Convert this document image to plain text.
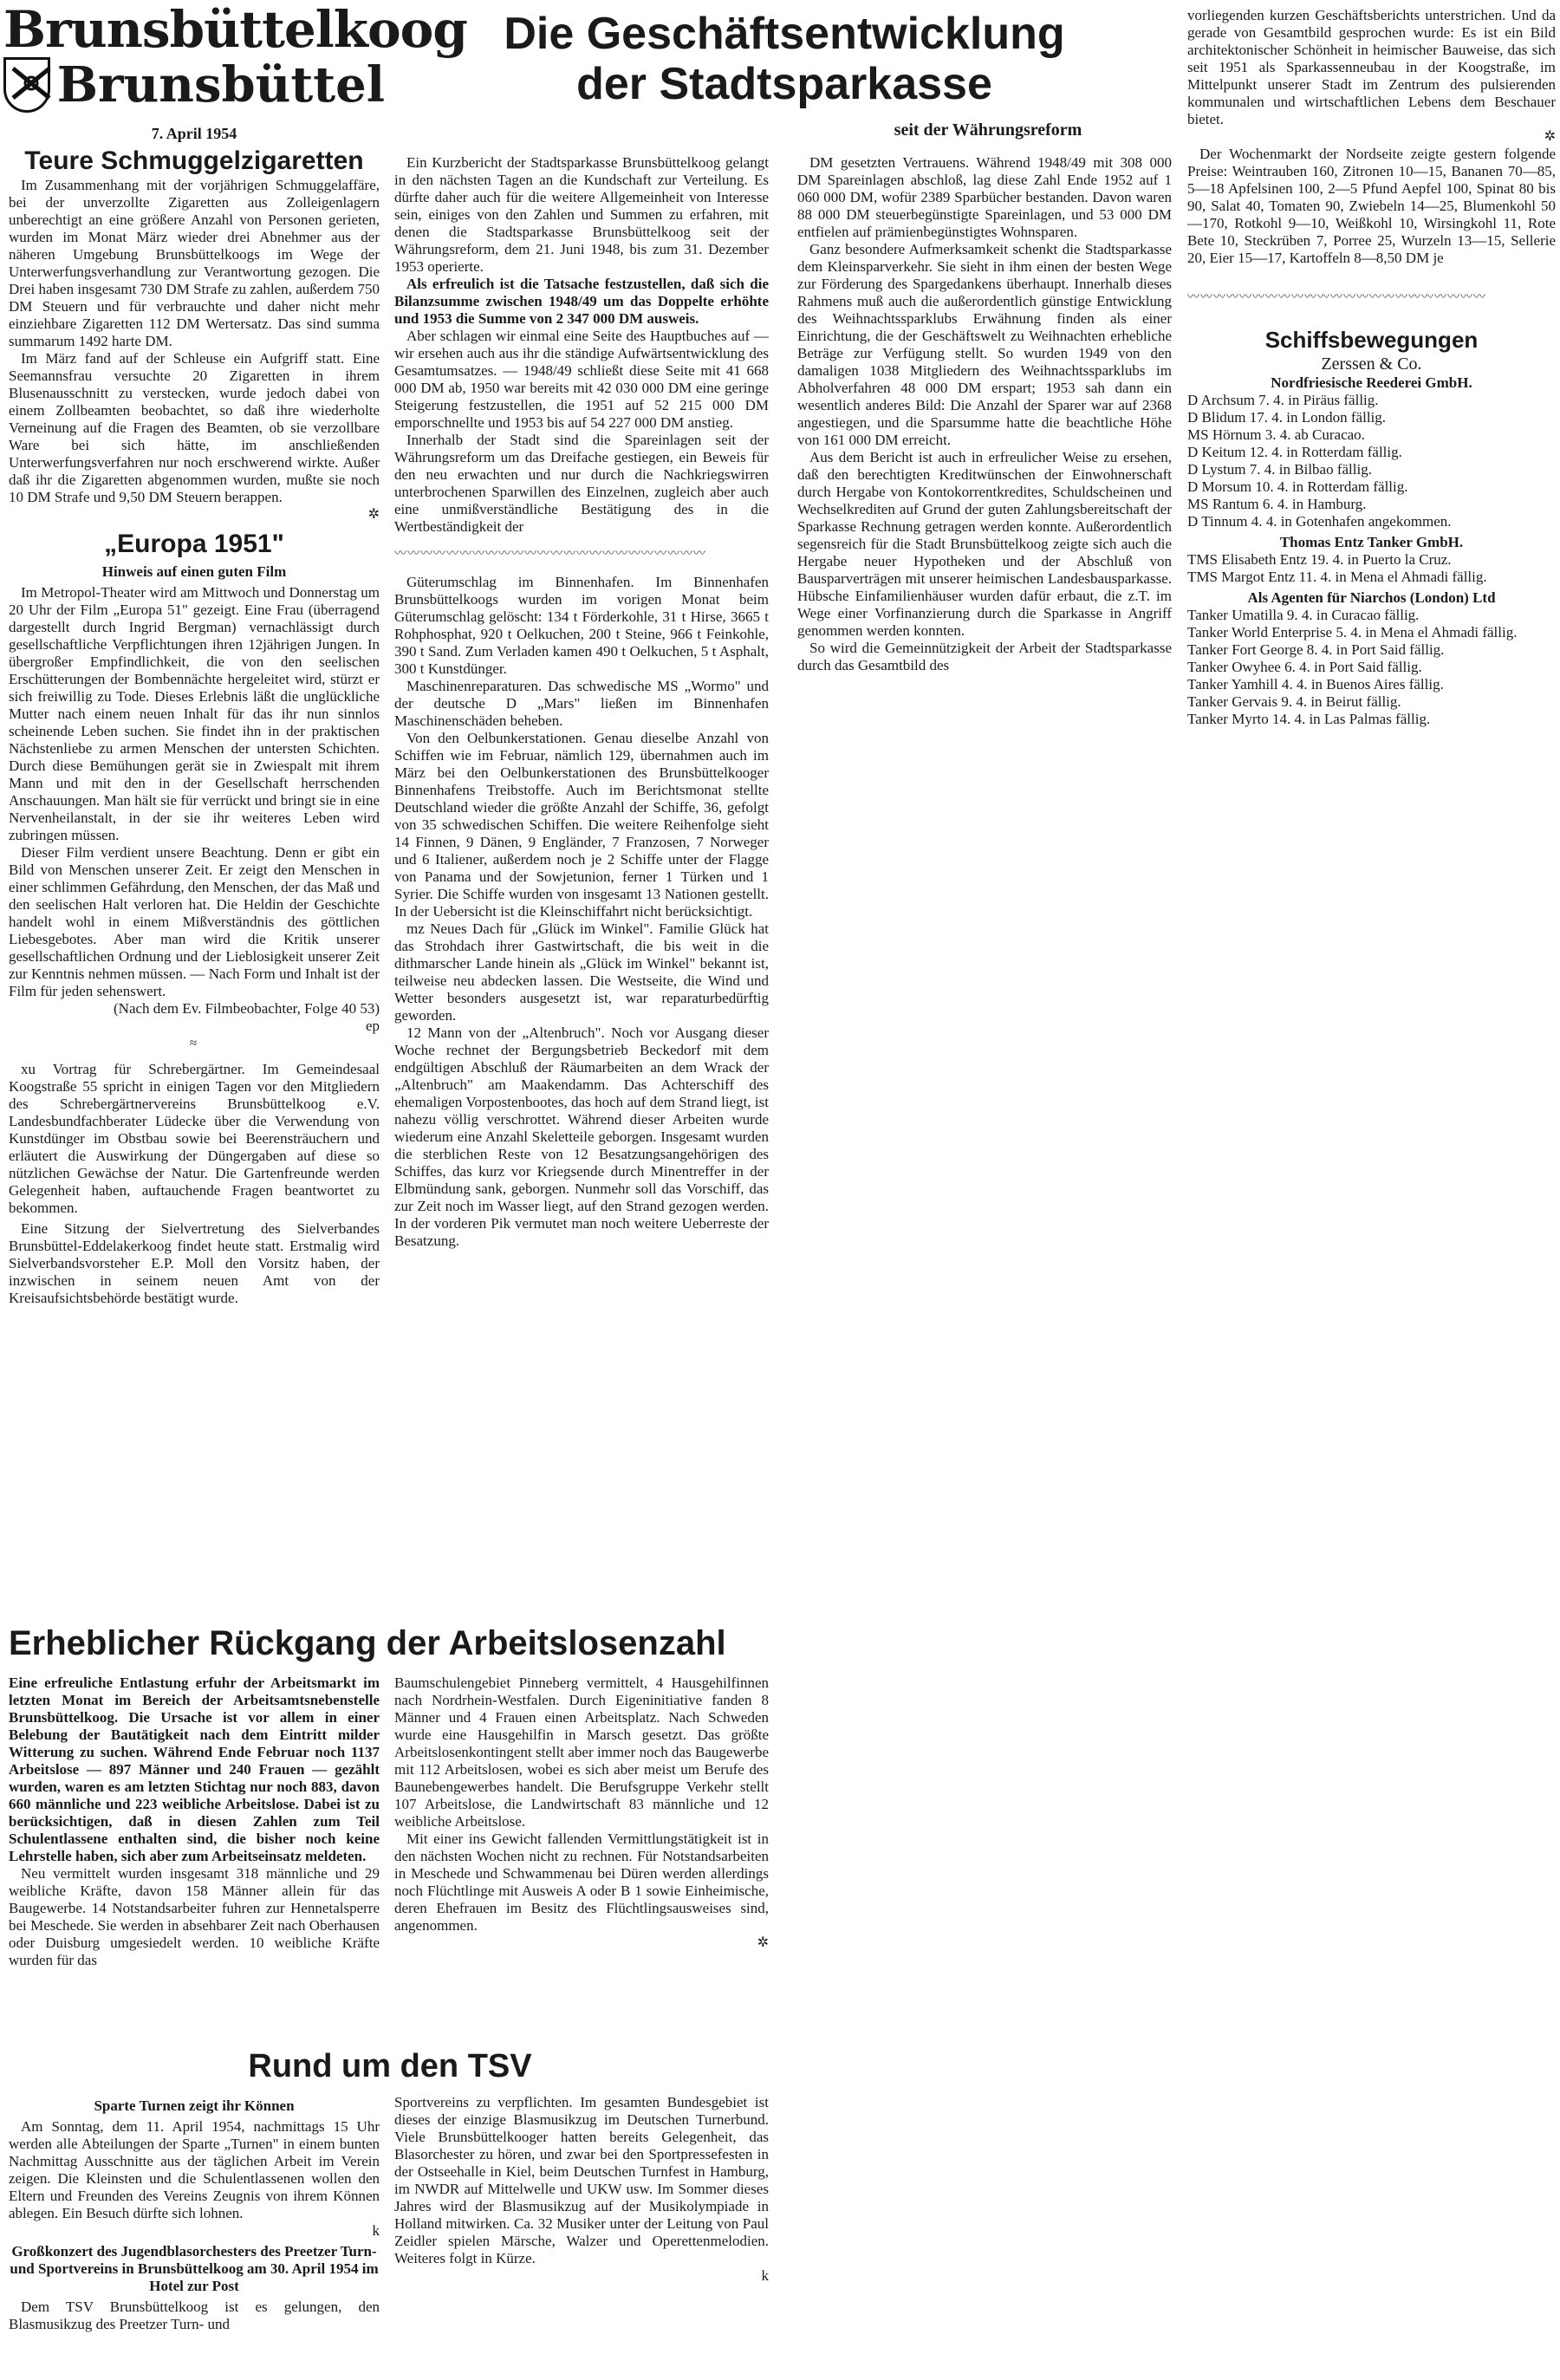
Brunsbüttelkoog
Brunsbüttel
7. April 1954
Teure Schmuggelzigaretten

Im Zusammenhang mit der vorjährigen Schmuggelaffäre, bei der unverzollte Zigaretten aus Zolleigenlagern unberechtigt an eine größere Anzahl von Personen gerieten, wurden im Monat März wieder drei Abnehmer aus der näheren Umgebung Brunsbüttelkoogs im Wege der Unterwerfungsverhandlung zur Verantwortung gezogen. Die Drei haben insgesamt 730 DM Strafe zu zahlen, außerdem 750 DM Steuern und für verbrauchte und daher nicht mehr einziehbare Zigaretten 112 DM Wertersatz. Das sind summa summarum 1492 harte DM.

Im März fand auf der Schleuse ein Aufgriff statt. Eine Seemannsfrau versuchte 20 Zigaretten in ihrem Blusenausschnitt zu verstecken, wurde jedoch dabei von einem Zollbeamten beobachtet, so daß ihre wiederholte Verneinung auf die Fragen des Beamten, ob sie verzollbare Ware bei sich hätte, im anschließenden Unterwerfungsverfahren nur noch erschwerend wirkte. Außer daß ihr die Zigaretten abgenommen wurden, mußte sie noch 10 DM Strafe und 9,50 DM Steuern berappen.

✲
„Europa 1951"
Hinweis auf einen guten Film

Im Metropol-Theater wird am Mittwoch und Donnerstag um 20 Uhr der Film „Europa 51" gezeigt. Eine Frau (überragend dargestellt durch Ingrid Bergman) vernachlässigt durch gesellschaftliche Verpflichtungen ihren 12jährigen Jungen. In übergroßer Empfindlichkeit, die von den seelischen Erschütterungen der Bombennächte hergeleitet wird, stürzt er sich freiwillig zu Tode. Dieses Erlebnis läßt die unglückliche Mutter nach einem neuen Inhalt für das ihr nun sinnlos scheinende Leben suchen. Sie findet ihn in der praktischen Nächstenliebe zu armen Menschen der untersten Schichten. Durch diese Bemühungen gerät sie in Zwiespalt mit ihrem Mann und mit den in der Gesellschaft herrschenden Anschauungen. Man hält sie für verrückt und bringt sie in eine Nervenheilanstalt, in der sie ihr weiteres Leben wird zubringen müssen.

Dieser Film verdient unsere Beachtung. Denn er gibt ein Bild von Menschen unserer Zeit. Er zeigt den Menschen in einer schlimmen Gefährdung, den Menschen, der das Maß und den seelischen Halt verloren hat. Die Heldin der Geschichte handelt wohl in einem Mißverständnis des göttlichen Liebesgebotes. Aber man wird die Kritik unserer gesellschaftlichen Ordnung und der Lieblosigkeit unserer Zeit zur Kenntnis nehmen müssen. — Nach Form und Inhalt ist der Film für jeden sehenswert.

(Nach dem Ev. Filmbeobachter, Folge 40 53)

ep
≈

xu Vortrag für Schrebergärtner. Im Gemeindesaal Koogstraße 55 spricht in einigen Tagen vor den Mitgliedern des Schrebergärtnervereins Brunsbüttelkoog e.V. Landesbundfachberater Lüdecke über die Verwendung von Kunstdünger im Obstbau sowie bei Beerensträuchern und erläutert die Auswirkung der Düngergaben auf diese so nützlichen Gewächse der Natur. Die Gartenfreunde werden Gelegenheit haben, auftauchende Fragen beantwortet zu bekommen.

Eine Sitzung der Sielvertretung des Sielverbandes Brunsbüttel-Eddelakerkoog findet heute statt. Erstmalig wird Sielverbandsvorsteher E.P. Moll den Vorsitz haben, der inzwischen in seinem neuen Amt von der Kreisaufsichtsbehörde bestätigt wurde.

Die Geschäftsentwicklung
der Stadtsparkasse
seit der Währungsreform

Ein Kurzbericht der Stadtsparkasse Brunsbüttelkoog gelangt in den nächsten Tagen an die Kundschaft zur Verteilung. Es dürfte daher auch für die weitere Allgemeinheit von Interesse sein, einiges von den Zahlen und Summen zu erfahren, mit denen die Stadtsparkasse Brunsbüttelkoog seit der Währungsreform, dem 21. Juni 1948, bis zum 31. Dezember 1953 operierte.

Als erfreulich ist die Tatsache festzustellen, daß sich die Bilanzsumme zwischen 1948/49 um das Doppelte erhöhte und 1953 die Summe von 2 347 000 DM ausweis.

Aber schlagen wir einmal eine Seite des Hauptbuches auf — wir ersehen auch aus ihr die ständige Aufwärtsentwicklung des Gesamtumsatzes. — 1948/49 schließt diese Seite mit 41 668 000 DM ab, 1950 war bereits mit 42 030 000 DM eine geringe Steigerung festzustellen, die 1951 auf 52 215 000 DM emporschnellte und 1953 bis auf 54 227 000 DM anstieg.

Innerhalb der Stadt sind die Spareinlagen seit der Währungsreform um das Dreifache gestiegen, ein Beweis für den neu erwachten und nur durch die Nachkriegswirren unterbrochenen Sparwillen des Einzelnen, zugleich aber auch eine unmißverständliche Bestätigung des in die Wertbeständigkeit der

〰〰〰〰〰〰〰〰〰〰〰〰〰〰〰〰〰〰〰〰〰〰〰〰

Güterumschlag im Binnenhafen. Im Binnenhafen Brunsbüttelkoogs wurden im vorigen Monat beim Güterumschlag gelöscht: 134 t Förderkohle, 31 t Hirse, 3665 t Rohphosphat, 920 t Oelkuchen, 200 t Steine, 966 t Feinkohle, 390 t Sand. Zum Verladen kamen 490 t Oelkuchen, 5 t Asphalt, 300 t Kunstdünger.

Maschinenreparaturen. Das schwedische MS „Wormo" und der deutsche D „Mars" ließen im Binnenhafen Maschinenschäden beheben.

Von den Oelbunkerstationen. Genau dieselbe Anzahl von Schiffen wie im Februar, nämlich 129, übernahmen auch im März bei den Oelbunkerstationen des Brunsbüttelkooger Binnenhafens Treibstoffe. Auch im Berichtsmonat stellte Deutschland wieder die größte Anzahl der Schiffe, 36, gefolgt von 35 schwedischen Schiffen. Die weitere Reihenfolge sieht 14 Finnen, 9 Dänen, 9 Engländer, 7 Franzosen, 7 Norweger und 6 Italiener, außerdem noch je 2 Schiffe unter der Flagge von Panama und der Sowjetunion, ferner 1 Türken und 1 Syrier. Die Schiffe wurden von insgesamt 13 Nationen gestellt. In der Uebersicht ist die Kleinschiffahrt nicht berücksichtigt.

mz Neues Dach für „Glück im Winkel". Familie Glück hat das Strohdach ihrer Gastwirtschaft, die bis weit in die dithmarscher Lande hinein als „Glück im Winkel" bekannt ist, teilweise neu abdecken lassen. Die Westseite, die Wind und Wetter besonders ausgesetzt ist, war reparaturbedürftig geworden.

12 Mann von der „Altenbruch". Noch vor Ausgang dieser Woche rechnet der Bergungsbetrieb Beckedorf mit dem endgültigen Abschluß der Räumarbeiten an dem Wrack der „Altenbruch" am Maakendamm. Das Achterschiff des ehemaligen Vorpostenbootes, das hoch auf dem Strand liegt, ist nahezu völlig verschrottet. Während dieser Arbeiten wurde wiederum eine Anzahl Skeletteile geborgen. Insgesamt wurden die sterblichen Reste von 12 Besatzungsangehörigen des Schiffes, das kurz vor Kriegsende durch Minentreffer in der Elbmündung sank, geborgen. Nunmehr soll das Vorschiff, das zur Zeit noch im Wasser liegt, auf den Strand gezogen werden. In der vorderen Pik vermutet man noch weitere Ueberreste der Besatzung.

DM gesetzten Vertrauens. Während 1948/49 mit 308 000 DM Spareinlagen abschloß, lag diese Zahl Ende 1952 auf 1 060 000 DM, wofür 2389 Sparbücher bestanden. Davon waren 88 000 DM steuerbegünstigte Spareinlagen, und 53 000 DM entfielen auf prämienbegünstigtes Wohnsparen.

Ganz besondere Aufmerksamkeit schenkt die Stadtsparkasse dem Kleinsparverkehr. Sie sieht in ihm einen der besten Wege zur Förderung des Spargedankens überhaupt. Innerhalb dieses Rahmens muß auch die außerordentlich günstige Entwicklung des Weihnachtssparklubs Erwähnung finden als einer Einrichtung, die der Geschäftswelt zu Weihnachten erhebliche Beträge zur Verfügung stellt. So wurden 1949 von den damaligen 1038 Mitgliedern des Weihnachtssparklubs im Abholverfahren 48 000 DM erspart; 1953 sah dann ein wesentlich anderes Bild: Die Anzahl der Sparer war auf 2368 angestiegen, und die Sparsumme hatte die beachtliche Höhe von 161 000 DM erreicht.

Aus dem Bericht ist auch in erfreulicher Weise zu ersehen, daß den berechtigten Kreditwünschen der Einwohnerschaft durch Hergabe von Kontokorrentkredites, Schuldscheinen und Wechselkrediten auf Grund der guten Zahlungsbereitschaft der Sparkasse Rechnung getragen werden konnte. Außerordentlich segensreich für die Stadt Brunsbüttelkoog zeigte sich auch die Hergabe neuer Hypotheken und der Abschluß von Bausparverträgen mit unserer heimischen Landesbausparkasse. Hübsche Einfamilienhäuser wurden dafür erbaut, die z.T. im Wege einer Vorfinanzierung durch die Sparkasse in Angriff genommen werden konnten.

So wird die Gemeinnützigkeit der Arbeit der Stadtsparkasse durch das Gesamtbild des

vorliegenden kurzen Geschäftsberichts unterstrichen. Und da gerade von Gesamtbild gesprochen wurde: Es ist ein Bild architektonischer Schönheit in heimischer Bauweise, das sich seit 1951 als Sparkassenneubau in der Koogstraße, im Mittelpunkt unserer Stadt im Zentrum des pulsierenden kommunalen und wirtschaftlichen Lebens dem Beschauer bietet.

✲

Der Wochenmarkt der Nordseite zeigte gestern folgende Preise: Weintrauben 160, Zitronen 10—15, Bananen 70—85, 5—18 Apfelsinen 100, 2—5 Pfund Aepfel 100, Spinat 80 bis 90, Salat 40, Tomaten 90, Zwiebeln 14—25, Blumenkohl 50—170, Rotkohl 9—10, Weißkohl 10, Wirsingkohl 11, Rote Bete 10, Steckrüben 7, Porree 25, Wurzeln 13—15, Sellerie 20, Eier 15—17, Kartoffeln 8—8,50 DM je

〰〰〰〰〰〰〰〰〰〰〰〰〰〰〰〰〰〰〰〰〰〰〰
Schiffsbewegungen
Zerssen & Co.
Nordfriesische Reederei GmbH.

D Archsum 7. 4. in Piräus fällig.

D Blidum 17. 4. in London fällig.

MS Hörnum 3. 4. ab Curacao.

D Keitum 12. 4. in Rotterdam fällig.

D Lystum 7. 4. in Bilbao fällig.

D Morsum 10. 4. in Rotterdam fällig.

MS Rantum 6. 4. in Hamburg.

D Tinnum 4. 4. in Gotenhafen angekommen.

Thomas Entz Tanker GmbH.

TMS Elisabeth Entz 19. 4. in Puerto la Cruz.

TMS Margot Entz 11. 4. in Mena el Ahmadi fällig.

Als Agenten für Niarchos (London) Ltd

Tanker Umatilla 9. 4. in Curacao fällig.

Tanker World Enterprise 5. 4. in Mena el Ahmadi fällig.

Tanker Fort George 8. 4. in Port Said fällig.

Tanker Owyhee 6. 4. in Port Said fällig.

Tanker Yamhill 4. 4. in Buenos Aires fällig.

Tanker Gervais 9. 4. in Beirut fällig.

Tanker Myrto 14. 4. in Las Palmas fällig.

Erheblicher Rückgang der Arbeitslosenzahl

Eine erfreuliche Entlastung erfuhr der Arbeitsmarkt im letzten Monat im Bereich der Arbeitsamtsnebenstelle Brunsbüttelkoog. Die Ursache ist vor allem in einer Belebung der Bautätigkeit nach dem Eintritt milder Witterung zu suchen. Während Ende Februar noch 1137 Arbeitslose — 897 Männer und 240 Frauen — gezählt wurden, waren es am letzten Stichtag nur noch 883, davon 660 männliche und 223 weibliche Arbeitslose. Dabei ist zu berücksichtigen, daß in diesen Zahlen zum Teil Schulentlassene enthalten sind, die bisher noch keine Lehrstelle haben, sich aber zum Arbeitseinsatz meldeten.

Neu vermittelt wurden insgesamt 318 männliche und 29 weibliche Kräfte, davon 158 Männer allein für das Baugewerbe. 14 Notstandsarbeiter fuhren zur Hennetalsperre bei Meschede. Sie werden in absehbarer Zeit nach Oberhausen oder Duisburg umgesiedelt werden. 10 weibliche Kräfte wurden für das

Baumschulengebiet Pinneberg vermittelt, 4 Hausgehilfinnen nach Nordrhein-Westfalen. Durch Eigeninitiative fanden 8 Männer und 4 Frauen einen Arbeitsplatz. Nach Schweden wurde eine Hausgehilfin in Marsch gesetzt. Das größte Arbeitslosenkontingent stellt aber immer noch das Baugewerbe mit 112 Arbeitslosen, wobei es sich aber meist um Berufe des Baunebengewerbes handelt. Die Berufsgruppe Verkehr stellt 107 Arbeitslose, die Landwirtschaft 83 männliche und 12 weibliche Arbeitslose.

Mit einer ins Gewicht fallenden Vermittlungstätigkeit ist in den nächsten Wochen nicht zu rechnen. Für Notstandsarbeiten in Meschede und Schwammenau bei Düren werden allerdings noch Flüchtlinge mit Ausweis A oder B 1 sowie Einheimische, deren Ehefrauen im Besitz des Flüchtlingsausweises sind, angenommen.

✲
Rund um den TSV
Sparte Turnen zeigt ihr Können

Am Sonntag, dem 11. April 1954, nachmittags 15 Uhr werden alle Abteilungen der Sparte „Turnen" in einem bunten Nachmittag Ausschnitte aus der täglichen Arbeit im Verein zeigen. Die Kleinsten und die Schulentlassenen wollen den Eltern und Freunden des Vereins Zeugnis von ihrem Können ablegen. Ein Besuch dürfte sich lohnen.

k
Großkonzert des Jugendblasorchesters des Preetzer Turn- und Sportvereins in Brunsbüttelkoog am 30. April 1954 im Hotel zur Post

Dem TSV Brunsbüttelkoog ist es gelungen, den Blasmusikzug des Preetzer Turn- und

Sportvereins zu verpflichten. Im gesamten Bundesgebiet ist dieses der einzige Blasmusikzug im Deutschen Turnerbund. Viele Brunsbüttelkooger hatten bereits Gelegenheit, das Blasorchester zu hören, und zwar bei den Sportpressefesten in der Ostseehalle in Kiel, beim Deutschen Turnfest in Hamburg, im NWDR auf Mittelwelle und UKW usw. Im Sommer dieses Jahres wird der Blasmusikzug auf der Musikolympiade in Holland mitwirken. Ca. 32 Musiker unter der Leitung von Paul Zeidler spielen Märsche, Walzer und Operettenmelodien. Weiteres folgt in Kürze.

k
